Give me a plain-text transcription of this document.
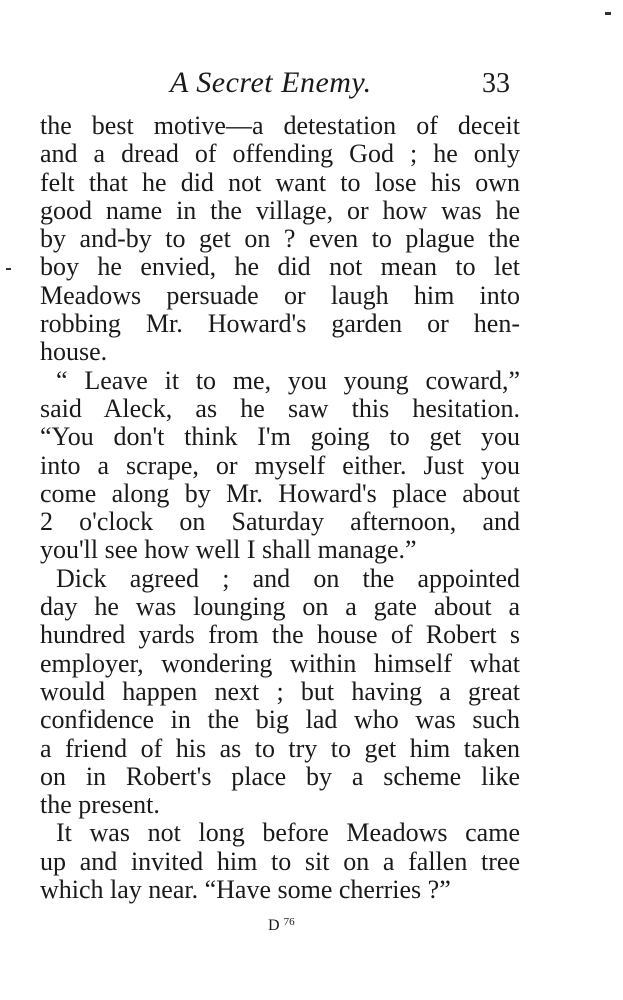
A Secret Enemy.	33
the best motive—a detestation of deceit
and a dread of offending God ; he only
felt that he did not want to lose his own
good name in the village, or how was he
by and-by to get on ? even to plague the
boy he envied, he did not mean to let
Meadows persuade or laugh him into
robbing Mr. Howard's garden or hen-
house.
“ Leave it to me, you young coward,”
said Aleck, as he saw this hesitation.
“You don't think I'm going to get you
into a scrape, or myself either. Just you
come along by Mr. Howard's place about
2 o'clock on Saturday afternoon, and
you'll see how well I shall manage.”
Dick agreed ; and on the appointed
day he was lounging on a gate about a
hundred yards from the house of Robert s
employer, wondering within himself what
would happen next ; but having a great
confidence in the big lad who was such
a friend of his as to try to get him taken
on in Robert's place by a scheme like
the present.
It was not long before Meadows came
up and invited him to sit on a fallen tree
which lay near. “Have some cherries ?”
D $^{76}$
